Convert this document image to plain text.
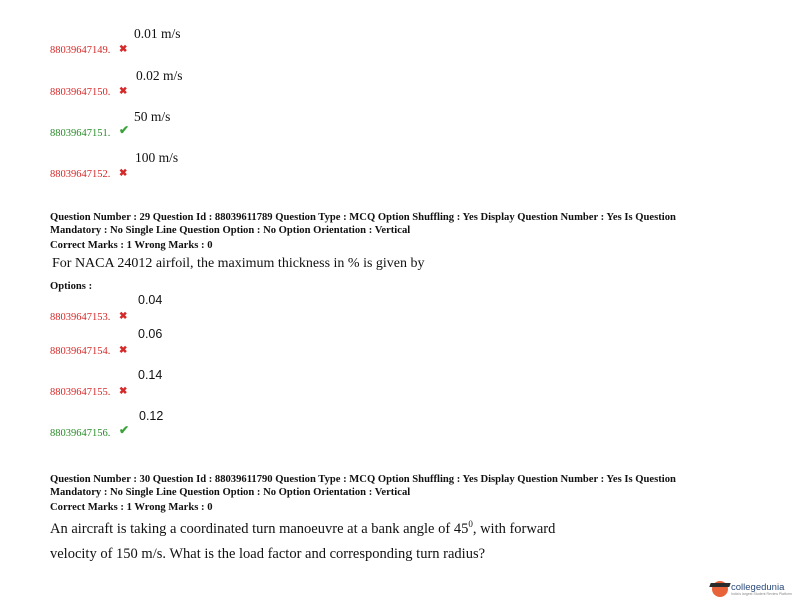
88039647149. ✖
0.01 m/s
88039647150. ✖
0.02 m/s
88039647151. ✔
50 m/s
88039647152. ✖
100 m/s
Question Number : 29 Question Id : 88039611789 Question Type : MCQ Option Shuffling : Yes Display Question Number : Yes Is Question
Mandatory : No Single Line Question Option : No Option Orientation : Vertical
Correct Marks : 1 Wrong Marks : 0
For NACA 24012 airfoil, the maximum thickness in % is given by
Options :
88039647153. ✖
0.04
88039647154. ✖
0.06
88039647155. ✖
0.14
88039647156. ✔
0.12
Question Number : 30 Question Id : 88039611790 Question Type : MCQ Option Shuffling : Yes Display Question Number : Yes Is Question
Mandatory : No Single Line Question Option : No Option Orientation : Vertical
Correct Marks : 1 Wrong Marks : 0
An aircraft is taking a coordinated turn manoeuvre at a bank angle of $45^0$, with forward
velocity of 150 m/s. What is the load factor and corresponding turn radius?
collegedunia
India's largest Student Review Platform
